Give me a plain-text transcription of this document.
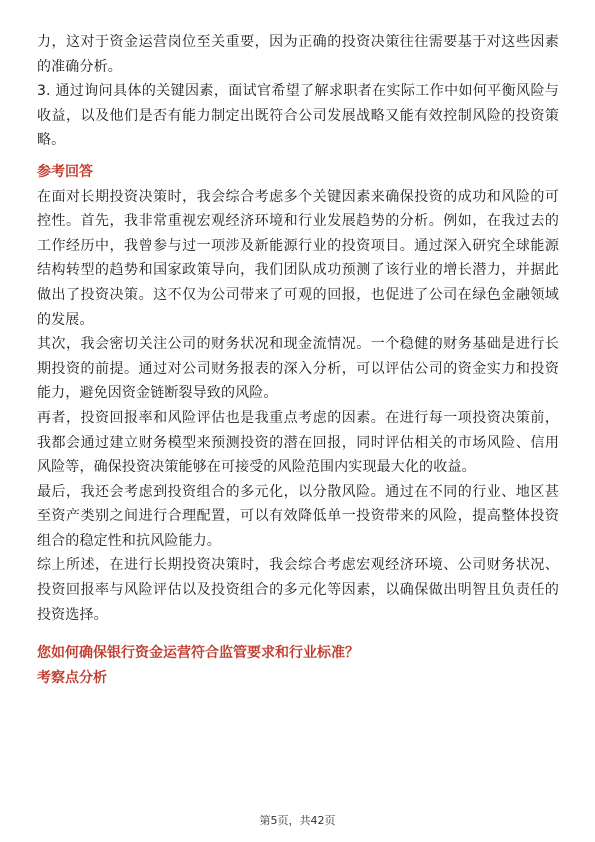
力，这对于资金运营岗位至关重要，因为正确的投资决策往往需要基于对这些因素的准确分析。

3. 通过询问具体的关键因素，面试官希望了解求职者在实际工作中如何平衡风险与收益，以及他们是否有能力制定出既符合公司发展战略又能有效控制风险的投资策略。

参考回答

在面对长期投资决策时，我会综合考虑多个关键因素来确保投资的成功和风险的可控性。首先，我非常重视宏观经济环境和行业发展趋势的分析。例如，在我过去的工作经历中，我曾参与过一项涉及新能源行业的投资项目。通过深入研究全球能源结构转型的趋势和国家政策导向，我们团队成功预测了该行业的增长潜力，并据此做出了投资决策。这不仅为公司带来了可观的回报，也促进了公司在绿色金融领域的发展。

其次，我会密切关注公司的财务状况和现金流情况。一个稳健的财务基础是进行长期投资的前提。通过对公司财务报表的深入分析，可以评估公司的资金实力和投资能力，避免因资金链断裂导致的风险。

再者，投资回报率和风险评估也是我重点考虑的因素。在进行每一项投资决策前，我都会通过建立财务模型来预测投资的潜在回报，同时评估相关的市场风险、信用风险等，确保投资决策能够在可接受的风险范围内实现最大化的收益。

最后，我还会考虑到投资组合的多元化，以分散风险。通过在不同的行业、地区甚至资产类别之间进行合理配置，可以有效降低单一投资带来的风险，提高整体投资组合的稳定性和抗风险能力。

综上所述，在进行长期投资决策时，我会综合考虑宏观经济环境、公司财务状况、投资回报率与风险评估以及投资组合的多元化等因素，以确保做出明智且负责任的投资选择。

您如何确保银行资金运营符合监管要求和行业标准？
考察点分析
第5页，共42页
